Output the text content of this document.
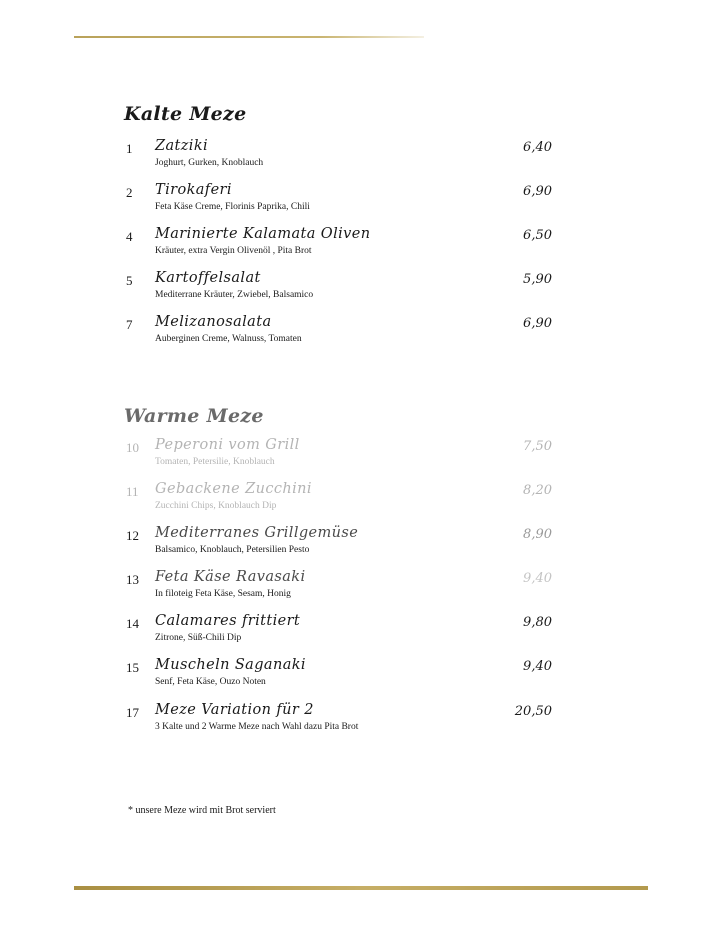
Kalte Meze
1	Zatziki
Joghurt, Gurken, Knoblauch
6,40
2	Tirokaferi
Feta Käse Creme, Florinis Paprika, Chili
6,90
4	Marinierte Kalamata Oliven
Kräuter, extra Vergin Olivenöl , Pita Brot
6,50
5	Kartoffelsalat
Mediterrane Kräuter, Zwiebel, Balsamico
5,90
7	Melizanosalata
Auberginen Creme, Walnuss, Tomaten
6,90
Warme Meze
10	Peperoni vom Grill
Tomaten, Petersilie, Knoblauch
7,50
11	Gebackene Zucchini
Zucchini Chips, Knoblauch Dip
8,20
12	Mediterranes Grillgemüse
Balsamico, Knoblauch, Petersilien Pesto
8,90
13	Feta Käse Ravasaki
In filoteig Feta Käse, Sesam, Honig
9,40
14	Calamares frittiert
Zitrone, Süß-Chili Dip
9,80
15	Muscheln Saganaki
Senf, Feta Käse, Ouzo Noten
9,40
17	Meze Variation für 2
3 Kalte und 2 Warme Meze nach Wahl dazu Pita Brot
20,50
* unsere Meze wird mit Brot serviert
